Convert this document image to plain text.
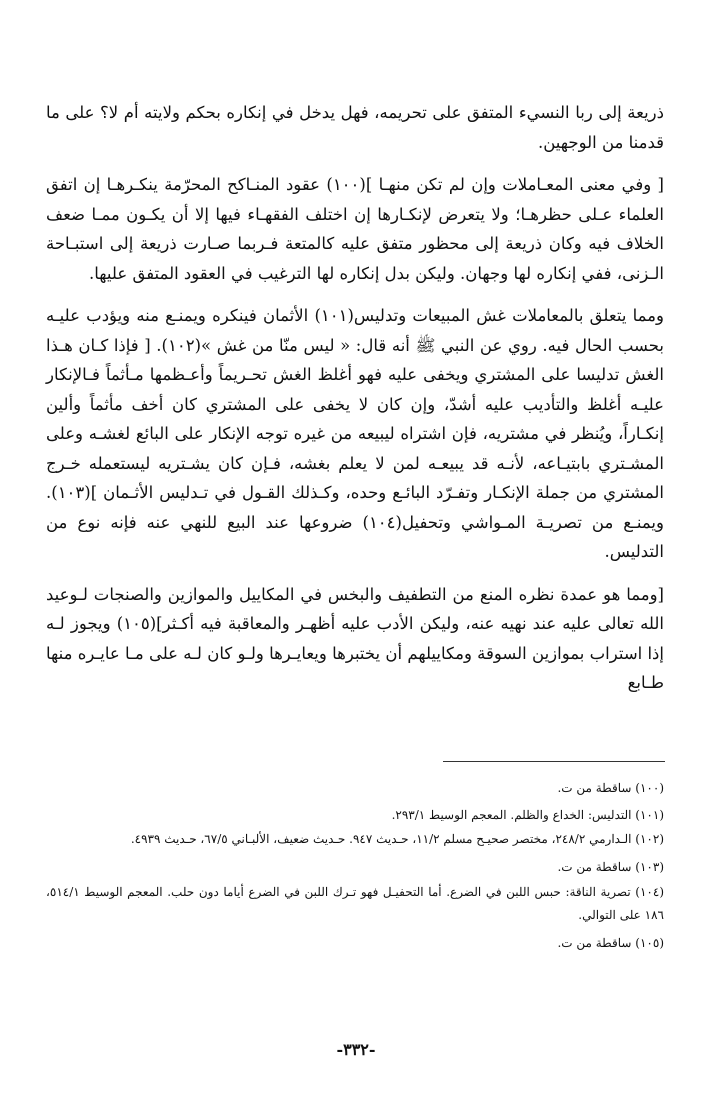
ذريعة إلى ربا النسيء المتفق على تحريمه، فهل يدخل في إنكاره بحكم ولايته أم لا؟ على ما قدمنا من الوجهين.

[ وفي معنى المعـاملات وإن لم تكن منهـا ](١٠٠) عقود المنـاكح المحرّمة ينكـرهـا إن اتفق العلماء عـلى حظرهـا؛ ولا يتعرض لإنكـارها إن اختلف الفقهـاء فيها إلا أن يكـون ممـا ضعف الخلاف فيه وكان ذريعة إلى محظور متفق عليه كالمتعة فـربما صـارت ذريعة إلى استبـاحة الـزنى، ففي إنكاره لها وجهان. وليكن بدل إنكاره لها الترغيب في العقود المتفق عليها.

ومما يتعلق بالمعاملات غش المبيعات وتدليس(١٠١) الأثمان فينكره ويمنـع منه ويؤدب عليـه بحسب الحال فيه. روي عن النبي ﷺ أنه قال: « ليس منّا من غش »(١٠٢). [ فإذا كـان هـذا الغش تدليسا على المشتري ويخفى عليه فهو أغلظ الغش تحـريماً وأعـظمها مـأثماً فـالإنكار عليـه أغلظ والتأديب عليه أشدّ، وإن كان لا يخفى على المشتري كان أخف مأثماً وألين إنكـاراً، ويُنظر في مشتريه، فإن اشتراه ليبيعه من غيره توجه الإنكار على البائع لغشـه وعلى المشـتري بابتيـاعه، لأنـه قد يبيعـه لمن لا يعلم بغشه، فـإن كان يشـتريه ليستعمله خـرج المشتري من جملة الإنكـار وتفـرّد البائـع وحده، وكـذلك القـول في تـدليس الأثـمان ](١٠٣). ويمنـع من تصريـة المـواشي وتحفيل(١٠٤) ضروعها عند البيع للنهي عنه فإنه نوع من التدليس.

[ومما هو عمدة نظره المنع من التطفيف والبخس في المكاييل والموازين والصنجات لـوعيد الله تعالى عليه عند نهيه عنه، وليكن الأدب عليه أظهـر والمعاقبة فيه أكـثر](١٠٥) ويجوز لـه إذا استراب بموازين السوقة ومكاييلهم أن يختبرها ويعايـرها ولـو كان لـه على مـا عايـره منها طـابع

(١٠٠) ساقطة من ت.

(١٠١) التدليس: الخداع والظلم. المعجم الوسيط ٢٩٣/١.

(١٠٢) الـدارمي ٢٤٨/٢، مختصر صحيـح مسلم ١١/٢، حـديث ٩٤٧. حـديث ضعيف، الألبـاني ٦٧/٥، حـديث ٤٩٣٩.

(١٠٣) ساقطة من ت.

(١٠٤) تصرية الناقة: حبس اللبن في الضرع. أما التحفيـل فهو تـرك اللبن في الضرع أياما دون حلب. المعجم الوسيط ٥١٤/١، ١٨٦ على التوالي.

(١٠٥) ساقطة من ت.

-٣٣٢-
